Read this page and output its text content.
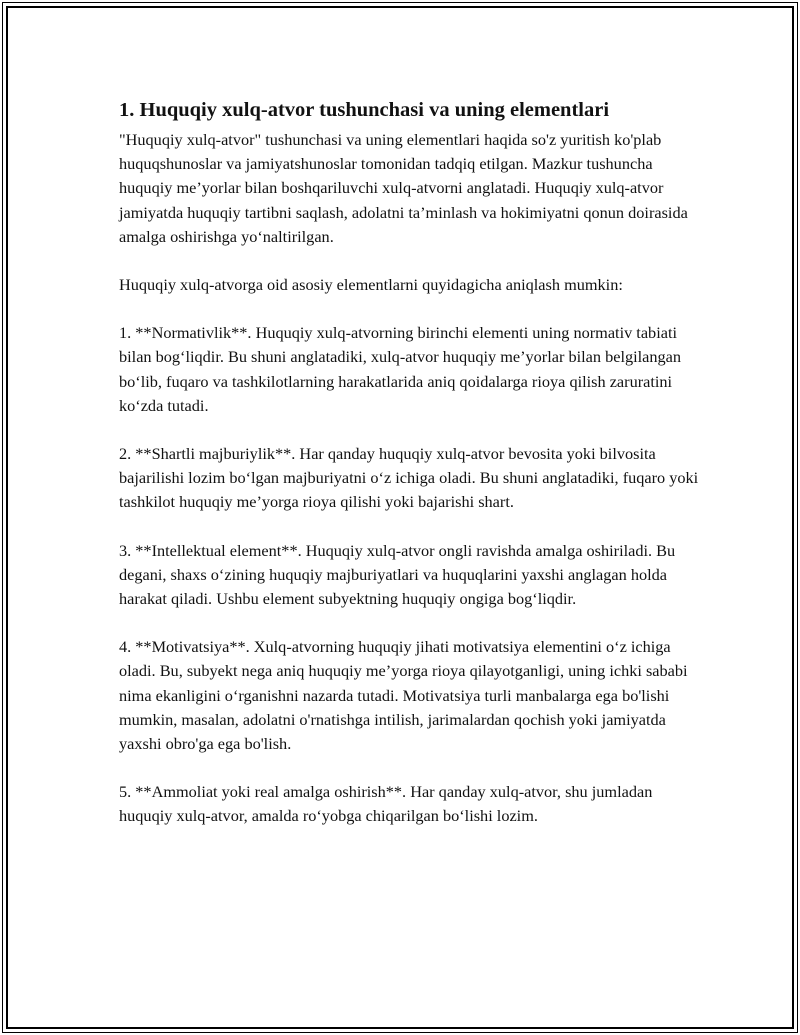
1. Huquqiy xulq-atvor tushunchasi va uning elementlari

"Huquqiy xulq-atvor" tushunchasi va uning elementlari haqida so'z yuritish ko'plab huquqshunoslar va jamiyatshunoslar tomonidan tadqiq etilgan. Mazkur tushuncha huquqiy me’yorlar bilan boshqariluvchi xulq-atvorni anglatadi. Huquqiy xulq-atvor jamiyatda huquqiy tartibni saqlash, adolatni ta’minlash va hokimiyatni qonun doirasida amalga oshirishga yo‘naltirilgan.

Huquqiy xulq-atvorga oid asosiy elementlarni quyidagicha aniqlash mumkin:

1. **Normativlik**. Huquqiy xulq-atvorning birinchi elementi uning normativ tabiati bilan bog‘liqdir. Bu shuni anglatadiki, xulq-atvor huquqiy me’yorlar bilan belgilangan bo‘lib, fuqaro va tashkilotlarning harakatlarida aniq qoidalarga rioya qilish zaruratini ko‘zda tutadi.

2. **Shartli majburiylik**. Har qanday huquqiy xulq-atvor bevosita yoki bilvosita bajarilishi lozim bo‘lgan majburiyatni o‘z ichiga oladi. Bu shuni anglatadiki, fuqaro yoki tashkilot huquqiy me’yorga rioya qilishi yoki bajarishi shart.

3. **Intellektual element**. Huquqiy xulq-atvor ongli ravishda amalga oshiriladi. Bu degani, shaxs o‘zining huquqiy majburiyatlari va huquqlarini yaxshi anglagan holda harakat qiladi. Ushbu element subyektning huquqiy ongiga bog‘liqdir.

4. **Motivatsiya**. Xulq-atvorning huquqiy jihati motivatsiya elementini o‘z ichiga oladi. Bu, subyekt nega aniq huquqiy me’yorga rioya qilayotganligi, uning ichki sababi nima ekanligini o‘rganishni nazarda tutadi. Motivatsiya turli manbalarga ega bo'lishi mumkin, masalan, adolatni o'rnatishga intilish, jarimalardan qochish yoki jamiyatda yaxshi obro'ga ega bo'lish.

5. **Ammoliat yoki real amalga oshirish**. Har qanday xulq-atvor, shu jumladan huquqiy xulq-atvor, amalda ro‘yobga chiqarilgan bo‘lishi lozim.
